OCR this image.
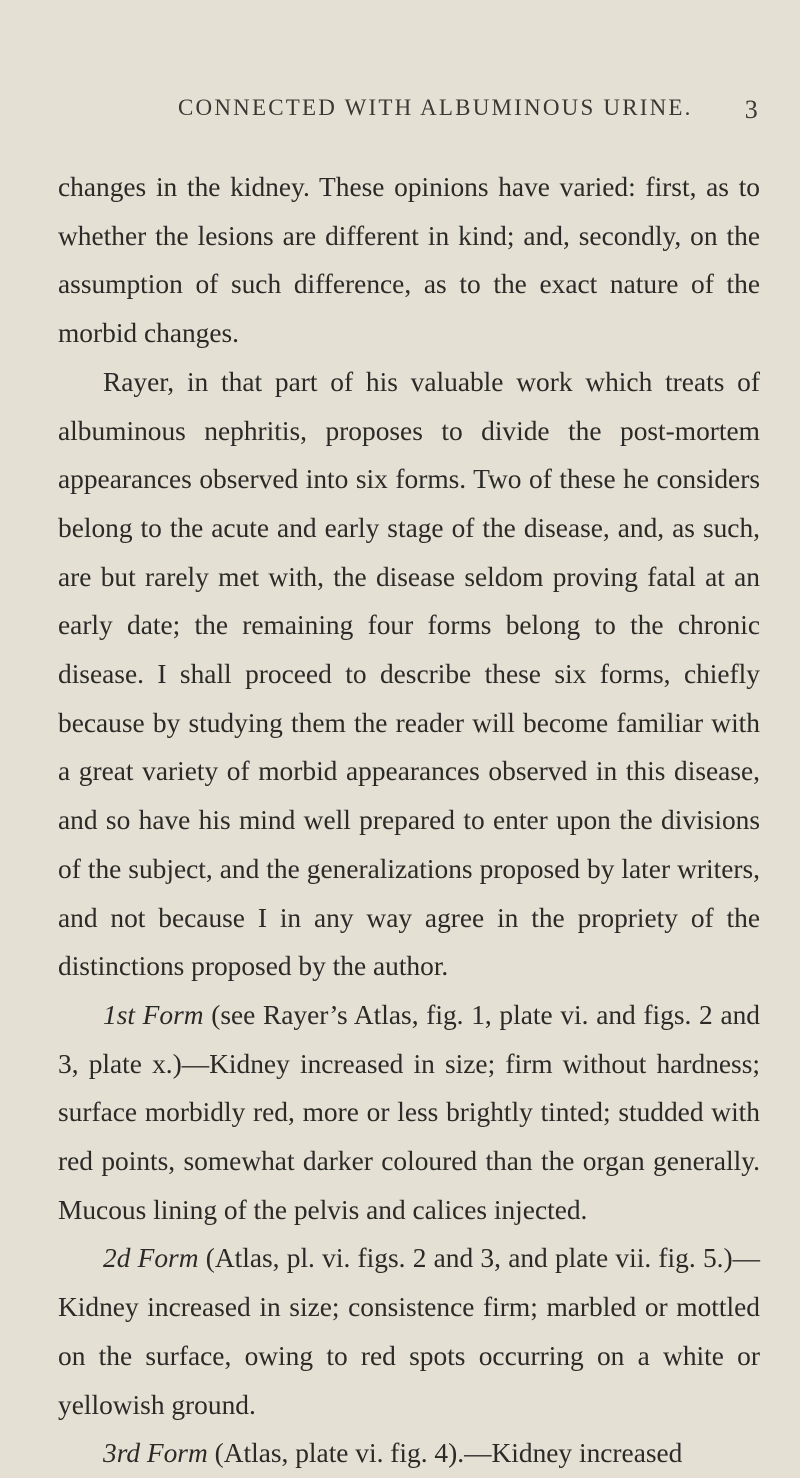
CONNECTED WITH ALBUMINOUS URINE. 3

changes in the kidney. These opinions have varied: first, as to whether the lesions are different in kind; and, secondly, on the assumption of such difference, as to the exact nature of the morbid changes.

Rayer, in that part of his valuable work which treats of albuminous nephritis, proposes to divide the post-mortem appearances observed into six forms. Two of these he considers belong to the acute and early stage of the disease, and, as such, are but rarely met with, the disease seldom proving fatal at an early date; the remaining four forms belong to the chronic disease. I shall proceed to describe these six forms, chiefly because by studying them the reader will become familiar with a great variety of morbid appearances observed in this disease, and so have his mind well prepared to enter upon the divisions of the subject, and the generalizations proposed by later writers, and not because I in any way agree in the propriety of the distinctions proposed by the author.

1st Form (see Rayer’s Atlas, fig. 1, plate vi. and figs. 2 and 3, plate x.)—Kidney increased in size; firm without hardness; surface morbidly red, more or less brightly tinted; studded with red points, somewhat darker coloured than the organ generally. Mucous lining of the pelvis and calices injected.

2d Form (Atlas, pl. vi. figs. 2 and 3, and plate vii. fig. 5.)—Kidney increased in size; consistence firm; marbled or mottled on the surface, owing to red spots occurring on a white or yellowish ground.

3rd Form (Atlas, plate vi. fig. 4).—Kidney increased
